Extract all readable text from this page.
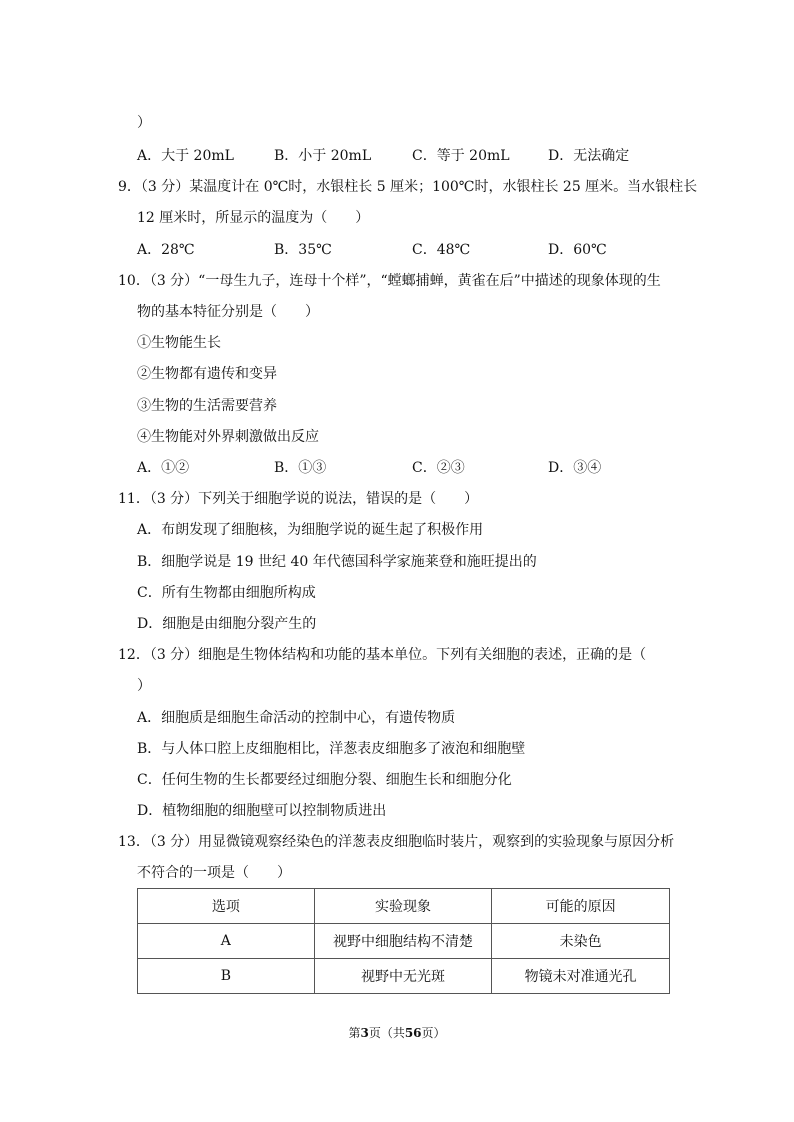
）
A．大于 20mL	B．小于 20mL	C．等于 20mL	D．无法确定
9．（3 分）某温度计在 0℃时，水银柱长 5 厘米；100℃时，水银柱长 25 厘米。当水银柱长
12 厘米时，所显示的温度为（　　）
A．28℃	B．35℃	C．48℃	D．60℃
10．（3 分）“一母生九子，连母十个样”，“螳螂捕蝉，黄雀在后”中描述的现象体现的生
物的基本特征分别是（　　）
①生物能生长
②生物都有遗传和变异
③生物的生活需要营养
④生物能对外界刺激做出反应
A．①②	B．①③	C．②③	D．③④
11．（3 分）下列关于细胞学说的说法，错误的是（　　）
A．布朗发现了细胞核，为细胞学说的诞生起了积极作用
B．细胞学说是 19 世纪 40 年代德国科学家施莱登和施旺提出的
C．所有生物都由细胞所构成
D．细胞是由细胞分裂产生的
12．（3 分）细胞是生物体结构和功能的基本单位。下列有关细胞的表述，正确的是（
）
A．细胞质是细胞生命活动的控制中心，有遗传物质
B．与人体口腔上皮细胞相比，洋葱表皮细胞多了液泡和细胞壁
C．任何生物的生长都要经过细胞分裂、细胞生长和细胞分化
D．植物细胞的细胞壁可以控制物质进出
13．（3 分）用显微镜观察经染色的洋葱表皮细胞临时装片，观察到的实验现象与原因分析
不符合的一项是（　　）
选项	实验现象	可能的原因
A	视野中细胞结构不清楚	未染色
B	视野中无光斑	物镜未对准通光孔
第3页（共56页）
